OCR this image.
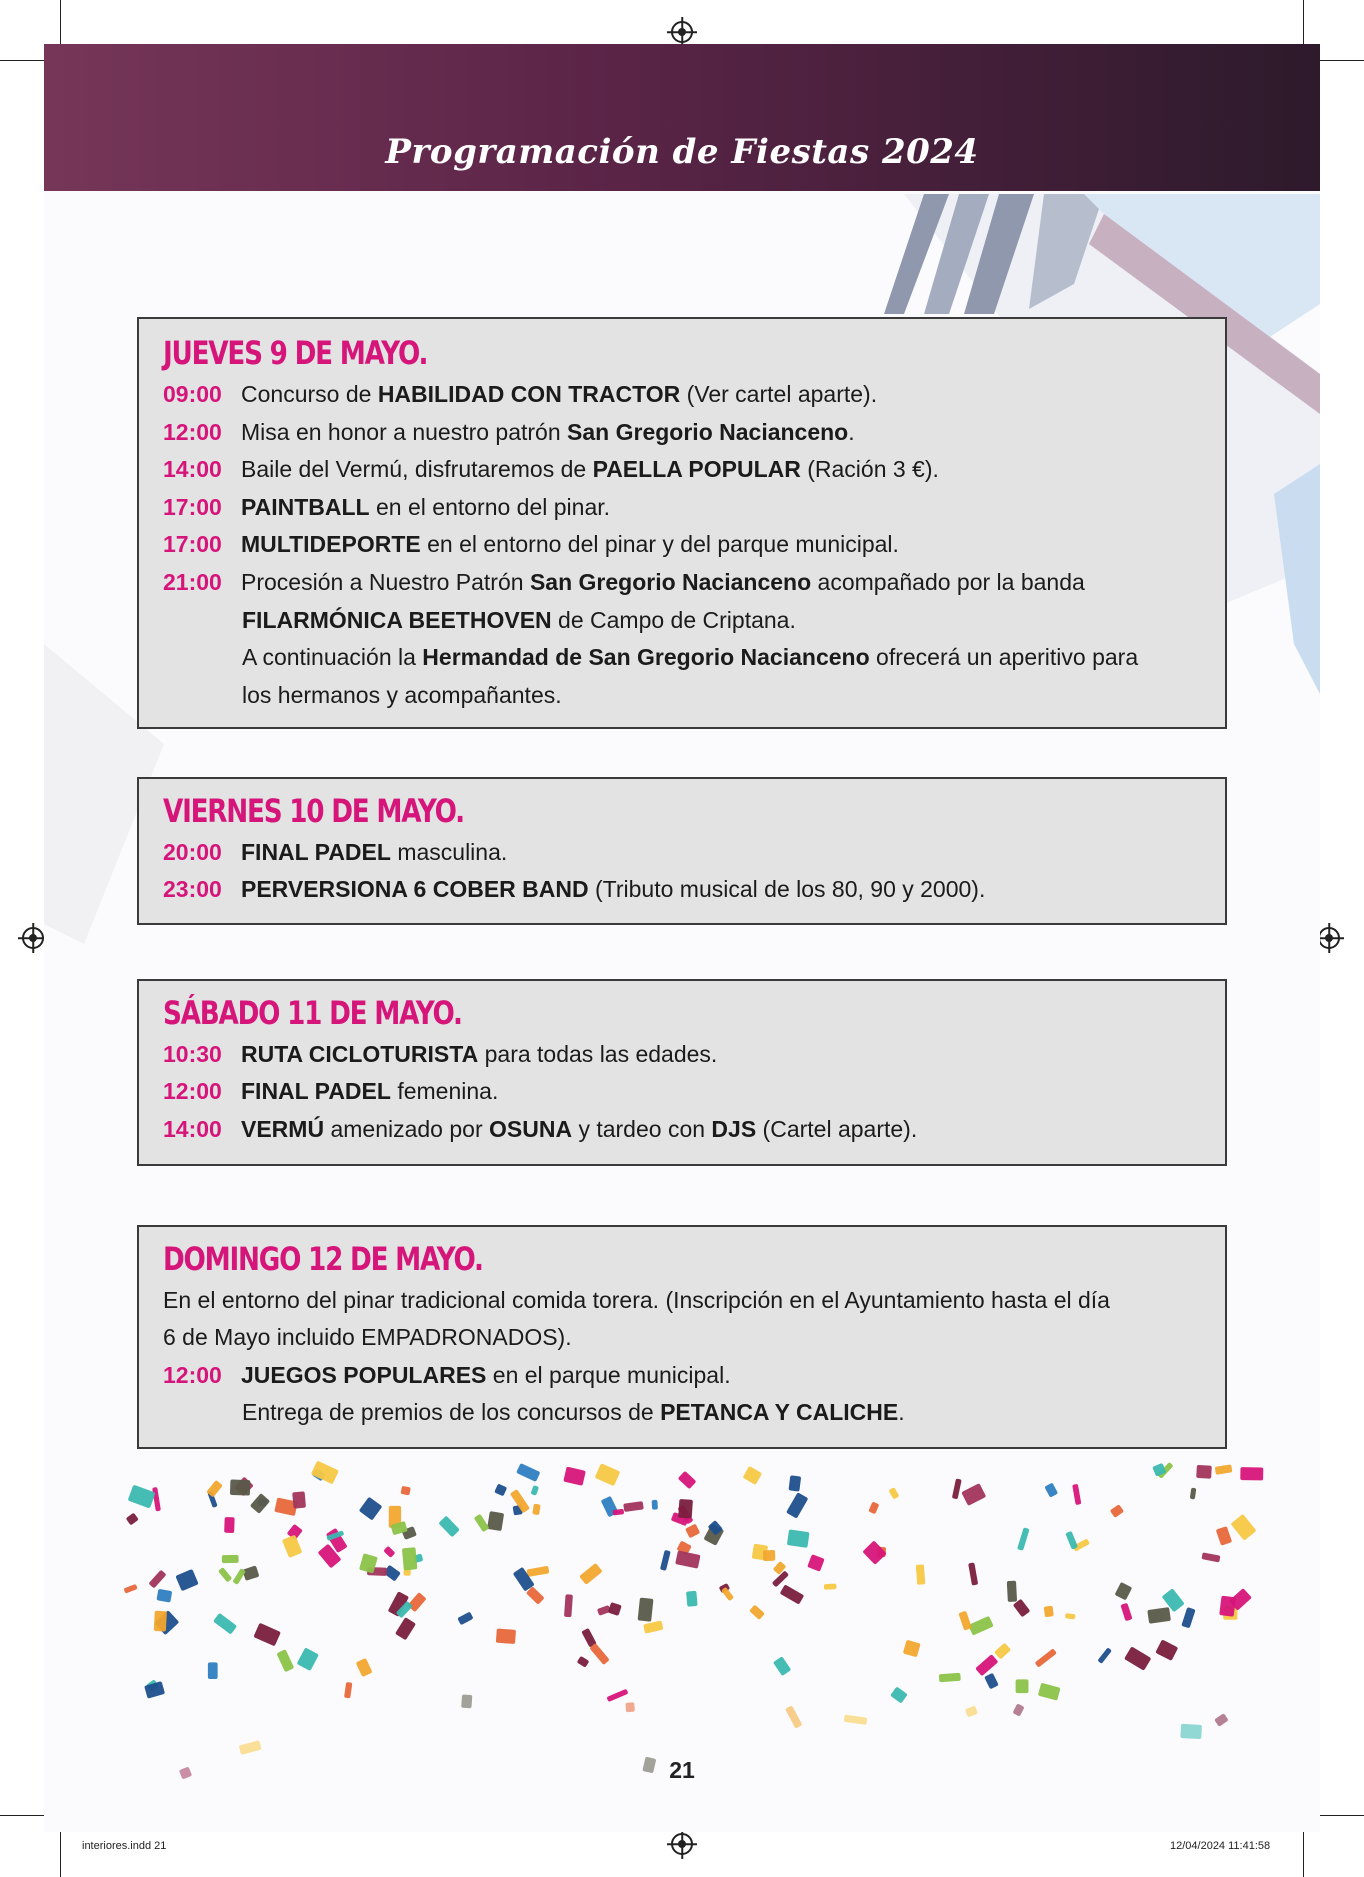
Programación de Fiestas 2024
JUEVES 9 DE MAYO.
09:00 Concurso de HABILIDAD CON TRACTOR (Ver cartel aparte).
12:00 Misa en honor a nuestro patrón San Gregorio Nacianceno.
14:00 Baile del Vermú, disfrutaremos de PAELLA POPULAR (Ración 3 €).
17:00 PAINTBALL en el entorno del pinar.
17:00 MULTIDEPORTE en el entorno del pinar y del parque municipal.
21:00 Procesión a Nuestro Patrón San Gregorio Nacianceno acompañado por la banda
FILARMÓNICA BEETHOVEN de Campo de Criptana.
A continuación la Hermandad de San Gregorio Nacianceno ofrecerá un aperitivo para
los hermanos y acompañantes.
VIERNES 10 DE MAYO.
20:00 FINAL PADEL masculina.
23:00 PERVERSIONA 6 COBER BAND (Tributo musical de los 80, 90 y 2000).
SÁBADO 11 DE MAYO.
10:30 RUTA CICLOTURISTA para todas las edades.
12:00 FINAL PADEL femenina.
14:00 VERMÚ amenizado por OSUNA y tardeo con DJS (Cartel aparte).
DOMINGO 12 DE MAYO.
En el entorno del pinar tradicional comida torera. (Inscripción en el Ayuntamiento hasta el día
6 de Mayo incluido EMPADRONADOS).
12:00 JUEGOS POPULARES en el parque municipal.
Entrega de premios de los concursos de PETANCA Y CALICHE.
21
interiores.indd 21	12/04/2024 11:41:58
